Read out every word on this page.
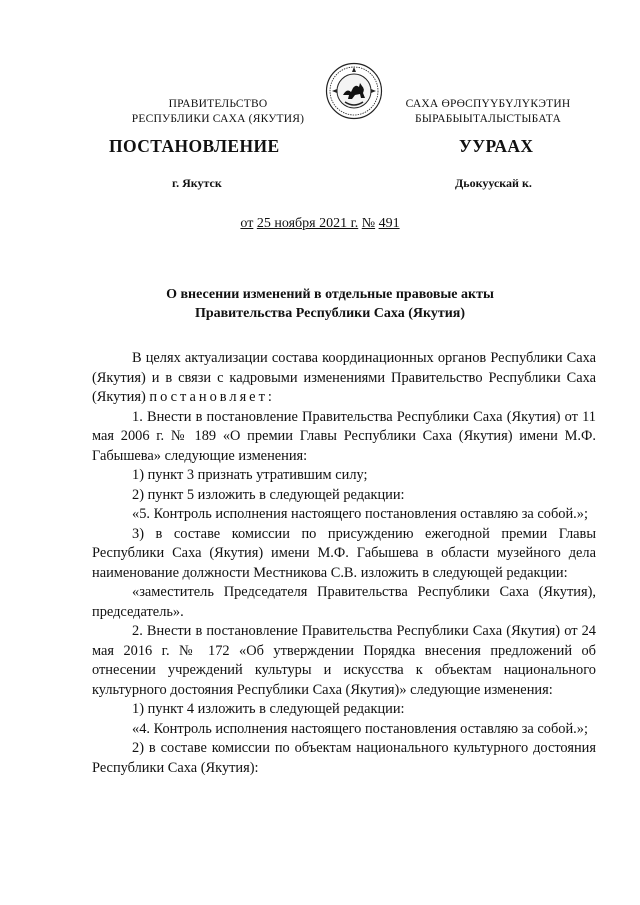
ПРАВИТЕЛЬСТВО
РЕСПУБЛИКИ САХА (ЯКУТИЯ)
САХА ӨРӨСПҮҮБҮЛҮКЭТИН
БЫРАБЫЫТАЛЫСТЫБАТА
ПОСТАНОВЛЕНИЕ	УУРААХ
г. Якутск	Дьокуускай к.
от 25 ноября 2021 г. № 491
О внесении изменений в отдельные правовые акты
Правительства Республики Саха (Якутия)

В целях актуализации состава координационных органов Республики Саха (Якутия) и в связи с кадровыми изменениями Правительство Республики Саха (Якутия) постановляет:

1. Внести в постановление Правительства Республики Саха (Якутия) от 11 мая 2006 г. № 189 «О премии Главы Республики Саха (Якутия) имени М.Ф. Габышева» следующие изменения:

1) пункт 3 признать утратившим силу;

2) пункт 5 изложить в следующей редакции:

«5. Контроль исполнения настоящего постановления оставляю за собой.»;

3) в составе комиссии по присуждению ежегодной премии Главы Республики Саха (Якутия) имени М.Ф. Габышева в области музейного дела наименование должности Местникова С.В. изложить в следующей редакции:

«заместитель Председателя Правительства Республики Саха (Якутия), председатель».

2. Внести в постановление Правительства Республики Саха (Якутия) от 24 мая 2016 г. № 172 «Об утверждении Порядка внесения предложений об отнесении учреждений культуры и искусства к объектам национального культурного достояния Республики Саха (Якутия)» следующие изменения:

1) пункт 4 изложить в следующей редакции:

«4. Контроль исполнения настоящего постановления оставляю за собой.»;

2) в составе комиссии по объектам национального культурного достояния Республики Саха (Якутия):
